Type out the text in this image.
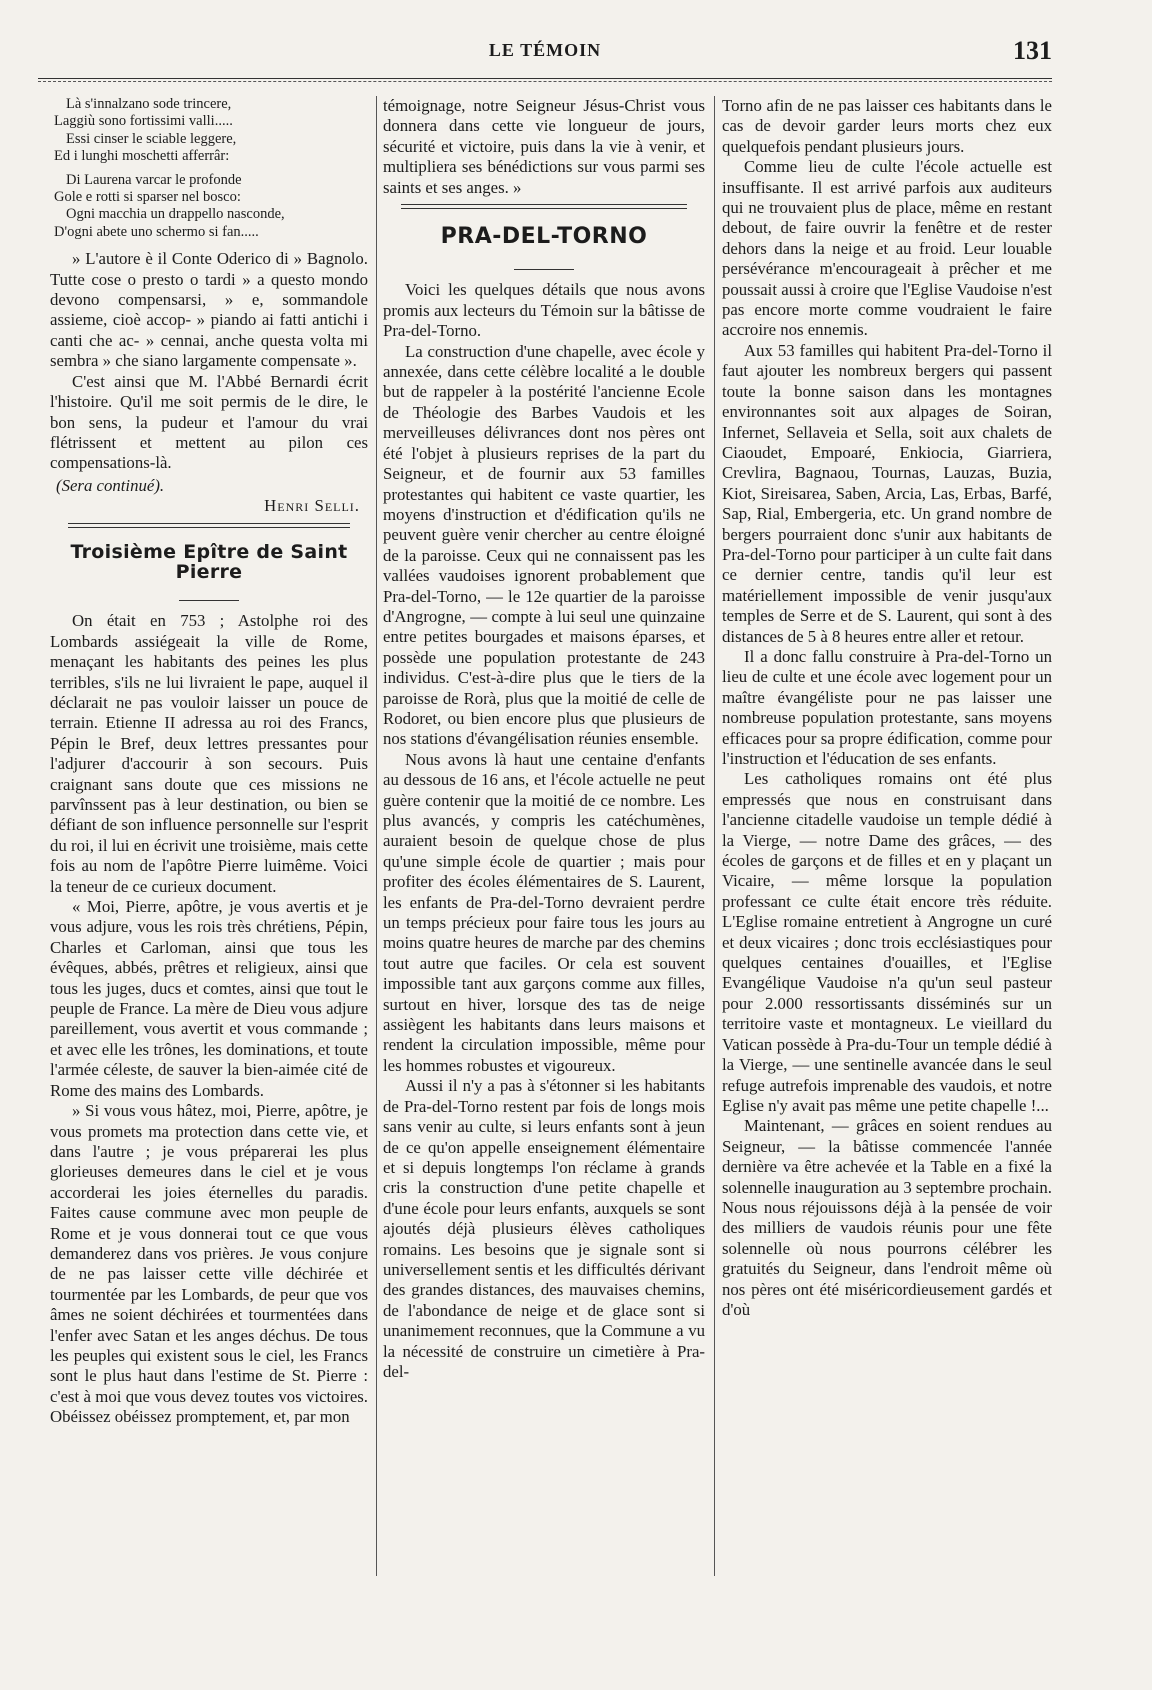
LE TÉMOIN	131
Là s'innalzano sode trincere,
Laggiù sono fortissimi valli.....
Essi cinser le sciable leggere,
Ed i lunghi moschetti afferrâr:
Di Laurena varcar le profonde
Gole e rotti si sparser nel bosco:
Ogni macchia un drappello nasconde,
D'ogni abete uno schermo si fan.....

» L'autore è il Conte Oderico di » Bagnolo. Tutte cose o presto o tardi » a questo mondo devono compensarsi, » e, sommandole assieme, cioè accop- » piando ai fatti antichi i canti che ac- » cennai, anche questa volta mi sembra » che siano largamente compensate ».

C'est ainsi que M. l'Abbé Bernardi écrit l'histoire. Qu'il me soit permis de le dire, le bon sens, la pudeur et l'amour du vrai flétrissent et mettent au pilon ces compensations-là.

(Sera continué).

Henri Selli.

Troisième Epître de Saint Pierre

On était en 753 ; Astolphe roi des Lombards assiégeait la ville de Rome, menaçant les habitants des peines les plus terribles, s'ils ne lui livraient le pape, auquel il déclarait ne pas vouloir laisser un pouce de terrain. Etienne II adressa au roi des Francs, Pépin le Bref, deux lettres pressantes pour l'adjurer d'accourir à son secours. Puis craignant sans doute que ces missions ne parvînssent pas à leur destination, ou bien se défiant de son influence personnelle sur l'esprit du roi, il lui en écrivit une troisième, mais cette fois au nom de l'apôtre Pierre luimême. Voici la teneur de ce curieux document.

« Moi, Pierre, apôtre, je vous avertis et je vous adjure, vous les rois très chrétiens, Pépin, Charles et Carloman, ainsi que tous les évêques, abbés, prêtres et religieux, ainsi que tous les juges, ducs et comtes, ainsi que tout le peuple de France. La mère de Dieu vous adjure pareillement, vous avertit et vous commande ; et avec elle les trônes, les dominations, et toute l'armée céleste, de sauver la bien-aimée cité de Rome des mains des Lombards.

» Si vous vous hâtez, moi, Pierre, apôtre, je vous promets ma protection dans cette vie, et dans l'autre ; je vous préparerai les plus glorieuses demeures dans le ciel et je vous accorderai les joies éternelles du paradis. Faites cause commune avec mon peuple de Rome et je vous donnerai tout ce que vous demanderez dans vos prières. Je vous conjure de ne pas laisser cette ville déchirée et tourmentée par les Lombards, de peur que vos âmes ne soient déchirées et tourmentées dans l'enfer avec Satan et les anges déchus. De tous les peuples qui existent sous le ciel, les Francs sont le plus haut dans l'estime de St. Pierre : c'est à moi que vous devez toutes vos victoires. Obéissez obéissez promptement, et, par mon

témoignage, notre Seigneur Jésus-Christ vous donnera dans cette vie longueur de jours, sécurité et victoire, puis dans la vie à venir, et multipliera ses bénédictions sur vous parmi ses saints et ses anges. »

PRA-DEL-TORNO

Voici les quelques détails que nous avons promis aux lecteurs du Témoin sur la bâtisse de Pra-del-Torno.

La construction d'une chapelle, avec école y annexée, dans cette célèbre localité a le double but de rappeler à la postérité l'ancienne Ecole de Théologie des Barbes Vaudois et les merveilleuses délivrances dont nos pères ont été l'objet à plusieurs reprises de la part du Seigneur, et de fournir aux 53 familles protestantes qui habitent ce vaste quartier, les moyens d'instruction et d'édification qu'ils ne peuvent guère venir chercher au centre éloigné de la paroisse. Ceux qui ne connaissent pas les vallées vaudoises ignorent probablement que Pra-del-Torno, — le 12e quartier de la paroisse d'Angrogne, — compte à lui seul une quinzaine entre petites bourgades et maisons éparses, et possède une population protestante de 243 individus. C'est-à-dire plus que le tiers de la paroisse de Rorà, plus que la moitié de celle de Rodoret, ou bien encore plus que plusieurs de nos stations d'évangélisation réunies ensemble.

Nous avons là haut une centaine d'enfants au dessous de 16 ans, et l'école actuelle ne peut guère contenir que la moitié de ce nombre. Les plus avancés, y compris les catéchumènes, auraient besoin de quelque chose de plus qu'une simple école de quartier ; mais pour profiter des écoles élémentaires de S. Laurent, les enfants de Pra-del-Torno devraient perdre un temps précieux pour faire tous les jours au moins quatre heures de marche par des chemins tout autre que faciles. Or cela est souvent impossible tant aux garçons comme aux filles, surtout en hiver, lorsque des tas de neige assiègent les habitants dans leurs maisons et rendent la circulation impossible, même pour les hommes robustes et vigoureux.

Aussi il n'y a pas à s'étonner si les habitants de Pra-del-Torno restent par fois de longs mois sans venir au culte, si leurs enfants sont à jeun de ce qu'on appelle enseignement élémentaire et si depuis longtemps l'on réclame à grands cris la construction d'une petite chapelle et d'une école pour leurs enfants, auxquels se sont ajoutés déjà plusieurs élèves catholiques romains. Les besoins que je signale sont si universellement sentis et les difficultés dérivant des grandes distances, des mauvaises chemins, de l'abondance de neige et de glace sont si unanimement reconnues, que la Commune a vu la nécessité de construire un cimetière à Pra-del-

Torno afin de ne pas laisser ces habitants dans le cas de devoir garder leurs morts chez eux quelquefois pendant plusieurs jours.

Comme lieu de culte l'école actuelle est insuffisante. Il est arrivé parfois aux auditeurs qui ne trouvaient plus de place, même en restant debout, de faire ouvrir la fenêtre et de rester dehors dans la neige et au froid. Leur louable persévérance m'encourageait à prêcher et me poussait aussi à croire que l'Eglise Vaudoise n'est pas encore morte comme voudraient le faire accroire nos ennemis.

Aux 53 familles qui habitent Pra-del-Torno il faut ajouter les nombreux bergers qui passent toute la bonne saison dans les montagnes environnantes soit aux alpages de Soiran, Infernet, Sellaveia et Sella, soit aux chalets de Ciaoudet, Empoaré, Enkiocia, Giarriera, Crevlira, Bagnaou, Tournas, Lauzas, Buzia, Kiot, Sireisarea, Saben, Arcia, Las, Erbas, Barfé, Sap, Rial, Embergeria, etc. Un grand nombre de bergers pourraient donc s'unir aux habitants de Pra-del-Torno pour participer à un culte fait dans ce dernier centre, tandis qu'il leur est matériellement impossible de venir jusqu'aux temples de Serre et de S. Laurent, qui sont à des distances de 5 à 8 heures entre aller et retour.

Il a donc fallu construire à Pra-del-Torno un lieu de culte et une école avec logement pour un maître évangéliste pour ne pas laisser une nombreuse population protestante, sans moyens efficaces pour sa propre édification, comme pour l'instruction et l'éducation de ses enfants.

Les catholiques romains ont été plus empressés que nous en construisant dans l'ancienne citadelle vaudoise un temple dédié à la Vierge, — notre Dame des grâces, — des écoles de garçons et de filles et en y plaçant un Vicaire, — même lorsque la population professant ce culte était encore très réduite. L'Eglise romaine entretient à Angrogne un curé et deux vicaires ; donc trois ecclésiastiques pour quelques centaines d'ouailles, et l'Eglise Evangélique Vaudoise n'a qu'un seul pasteur pour 2.000 ressortissants disséminés sur un territoire vaste et montagneux. Le vieillard du Vatican possède à Pra-du-Tour un temple dédié à la Vierge, — une sentinelle avancée dans le seul refuge autrefois imprenable des vaudois, et notre Eglise n'y avait pas même une petite chapelle !...

Maintenant, — grâces en soient rendues au Seigneur, — la bâtisse commencée l'année dernière va être achevée et la Table en a fixé la solennelle inauguration au 3 septembre prochain. Nous nous réjouissons déjà à la pensée de voir des milliers de vaudois réunis pour une fête solennelle où nous pourrons célébrer les gratuités du Seigneur, dans l'endroit même où nos pères ont été miséricordieusement gardés et d'où
